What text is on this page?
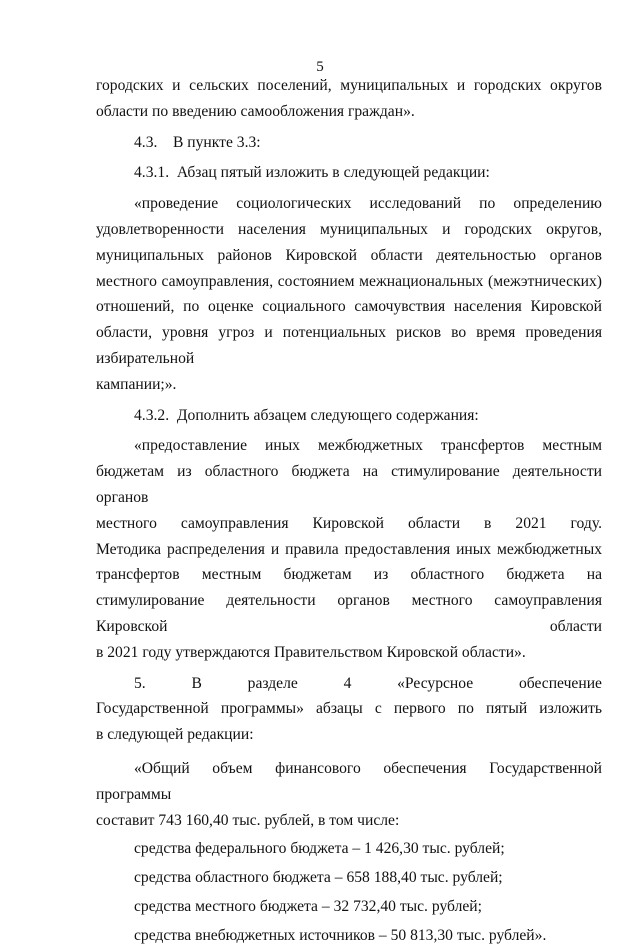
5
городских и сельских поселений, муниципальных и городских округов
области по введению самообложения граждан».
4.3.    В пункте 3.3:
4.3.1.  Абзац пятый изложить в следующей редакции:
«проведение социологических исследований по определению
удовлетворенности населения муниципальных и городских округов, муниципальных районов Кировской области деятельностью органов местного самоуправления, состоянием межнациональных (межэтнических) отношений, по оценке социального самочувствия населения Кировской области, уровня угроз и потенциальных рисков во время проведения избирательной
кампании;».
4.3.2.  Дополнить абзацем следующего содержания:
«предоставление иных межбюджетных трансфертов местным
бюджетам из областного бюджета на стимулирование деятельности органов
местного самоуправления Кировской области в 2021 году.
Методика распределения и правила предоставления иных межбюджетных трансфертов местным бюджетам из областного бюджета на стимулирование деятельности органов местного самоуправления Кировской области
в 2021 году утверждаются Правительством Кировской области».
5.	В	разделе	4	«Ресурсное	обеспечение
Государственной программы» абзацы с первого по пятый изложить
в следующей редакции:
«Общий объем финансового обеспечения Государственной программы
составит 743 160,40 тыс. рублей, в том числе:
средства федерального бюджета – 1 426,30 тыс. рублей;
средства областного бюджета – 658 188,40 тыс. рублей;
средства местного бюджета – 32 732,40 тыс. рублей;
средства внебюджетных источников – 50 813,30 тыс. рублей».
